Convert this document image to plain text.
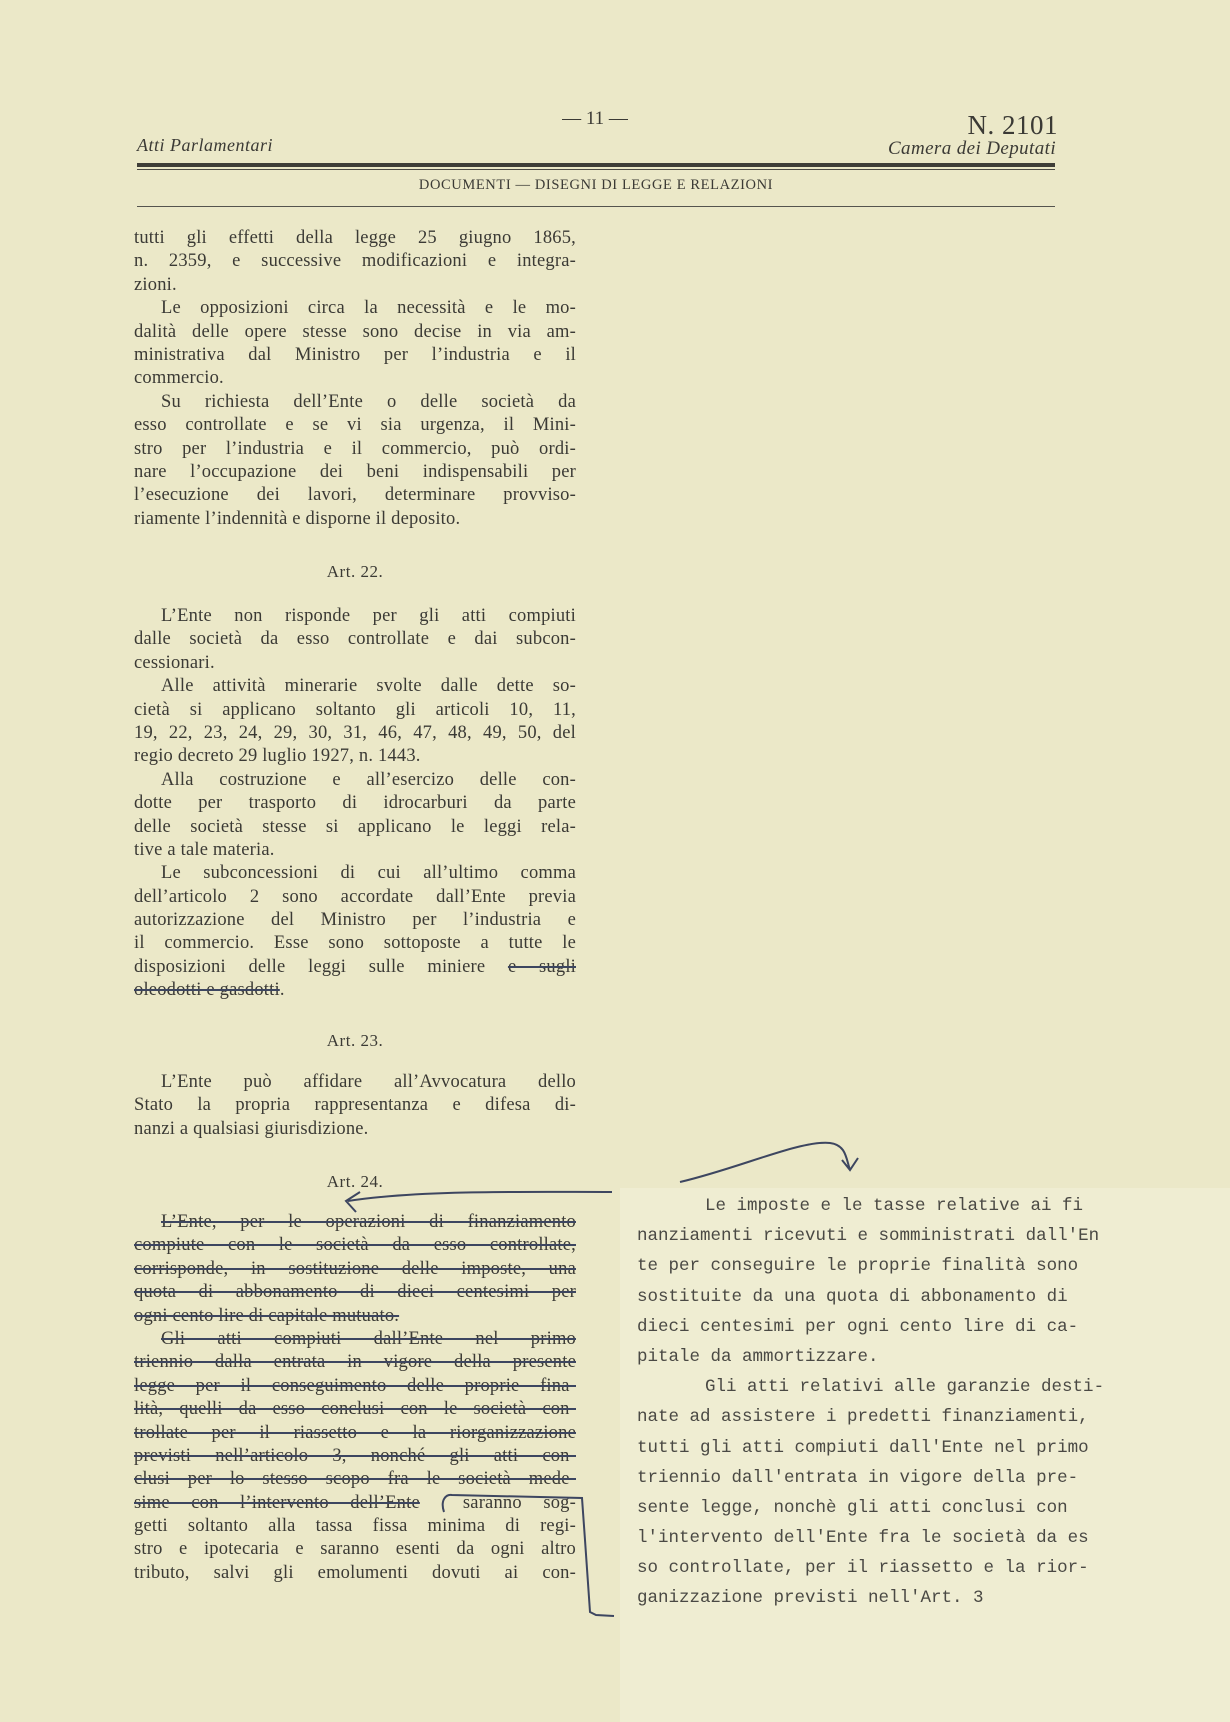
— 11 —	N. 2101
Atti Parlamentari	Camera dei Deputati
DOCUMENTI — DISEGNI DI LEGGE E RELAZIONI
tutti gli effetti della legge 25 giugno 1865,
n. 2359, e successive modificazioni e integra-
zioni.
Le opposizioni circa la necessità e le mo-
dalità delle opere stesse sono decise in via am-
ministrativa dal Ministro per l’industria e il
commercio.
Su richiesta dell’Ente o delle società da
esso controllate e se vi sia urgenza, il Mini-
stro per l’industria e il commercio, può ordi-
nare l’occupazione dei beni indispensabili per
l’esecuzione dei lavori, determinare provviso-
riamente l’indennità e disporne il deposito.
Art. 22.
L’Ente non risponde per gli atti compiuti
dalle società da esso controllate e dai subcon-
cessionari.
Alle attività minerarie svolte dalle dette so-
cietà si applicano soltanto gli articoli 10, 11,
19, 22, 23, 24, 29, 30, 31, 46, 47, 48, 49, 50, del
regio decreto 29 luglio 1927, n. 1443.
Alla costruzione e all’esercizo delle con-
dotte per trasporto di idrocarburi da parte
delle società stesse si applicano le leggi rela-
tive a tale materia.
Le subconcessioni di cui all’ultimo comma
dell’articolo 2 sono accordate dall’Ente previa
autorizzazione del Ministro per l’industria e
il commercio. Esse sono sottoposte a tutte le
disposizioni delle leggi sulle miniere e sugli
oleodotti e gasdotti.
Art. 23.
L’Ente può affidare all’Avvocatura dello
Stato la propria rappresentanza e difesa di-
nanzi a qualsiasi giurisdizione.
Art. 24.
L’Ente, per le operazioni di finanziamento
compiute con le società da esso controllate,
corrisponde, in sostituzione delle imposte, una
quota di abbonamento di dieci centesimi per
ogni cento lire di capitale mutuato.
Gli atti compiuti dall’Ente nel primo
triennio dalla entrata in vigore della presente
legge per il conseguimento delle proprie fina-
lità, quelli da esso conclusi con le società con-
trollate per il riassetto e la riorganizzazione
previsti nell’articolo 3, nonché gli atti con-
clusi per lo stesso scopo fra le società mede-
sime con l’intervento dell’Ente  saranno sog-
getti soltanto alla tassa fissa minima di regi-
stro e ipotecaria e saranno esenti da ogni altro
tributo, salvi gli emolumenti dovuti ai con-
Le imposte e le tasse relative ai fi
nanziamenti ricevuti e somministrati dall'En
te per conseguire le proprie finalità sono
sostituite da una quota di abbonamento di
dieci centesimi per ogni cento lire di ca-
pitale da ammortizzare.
Gli atti relativi alle garanzie desti-
nate ad assistere i predetti finanziamenti,
tutti gli atti compiuti dall'Ente nel primo
triennio dall'entrata in vigore della pre-
sente legge, nonchè gli atti conclusi con
l'intervento dell'Ente fra le società da es
so controllate, per il riassetto e la rior-
ganizzazione previsti nell'Art. 3
